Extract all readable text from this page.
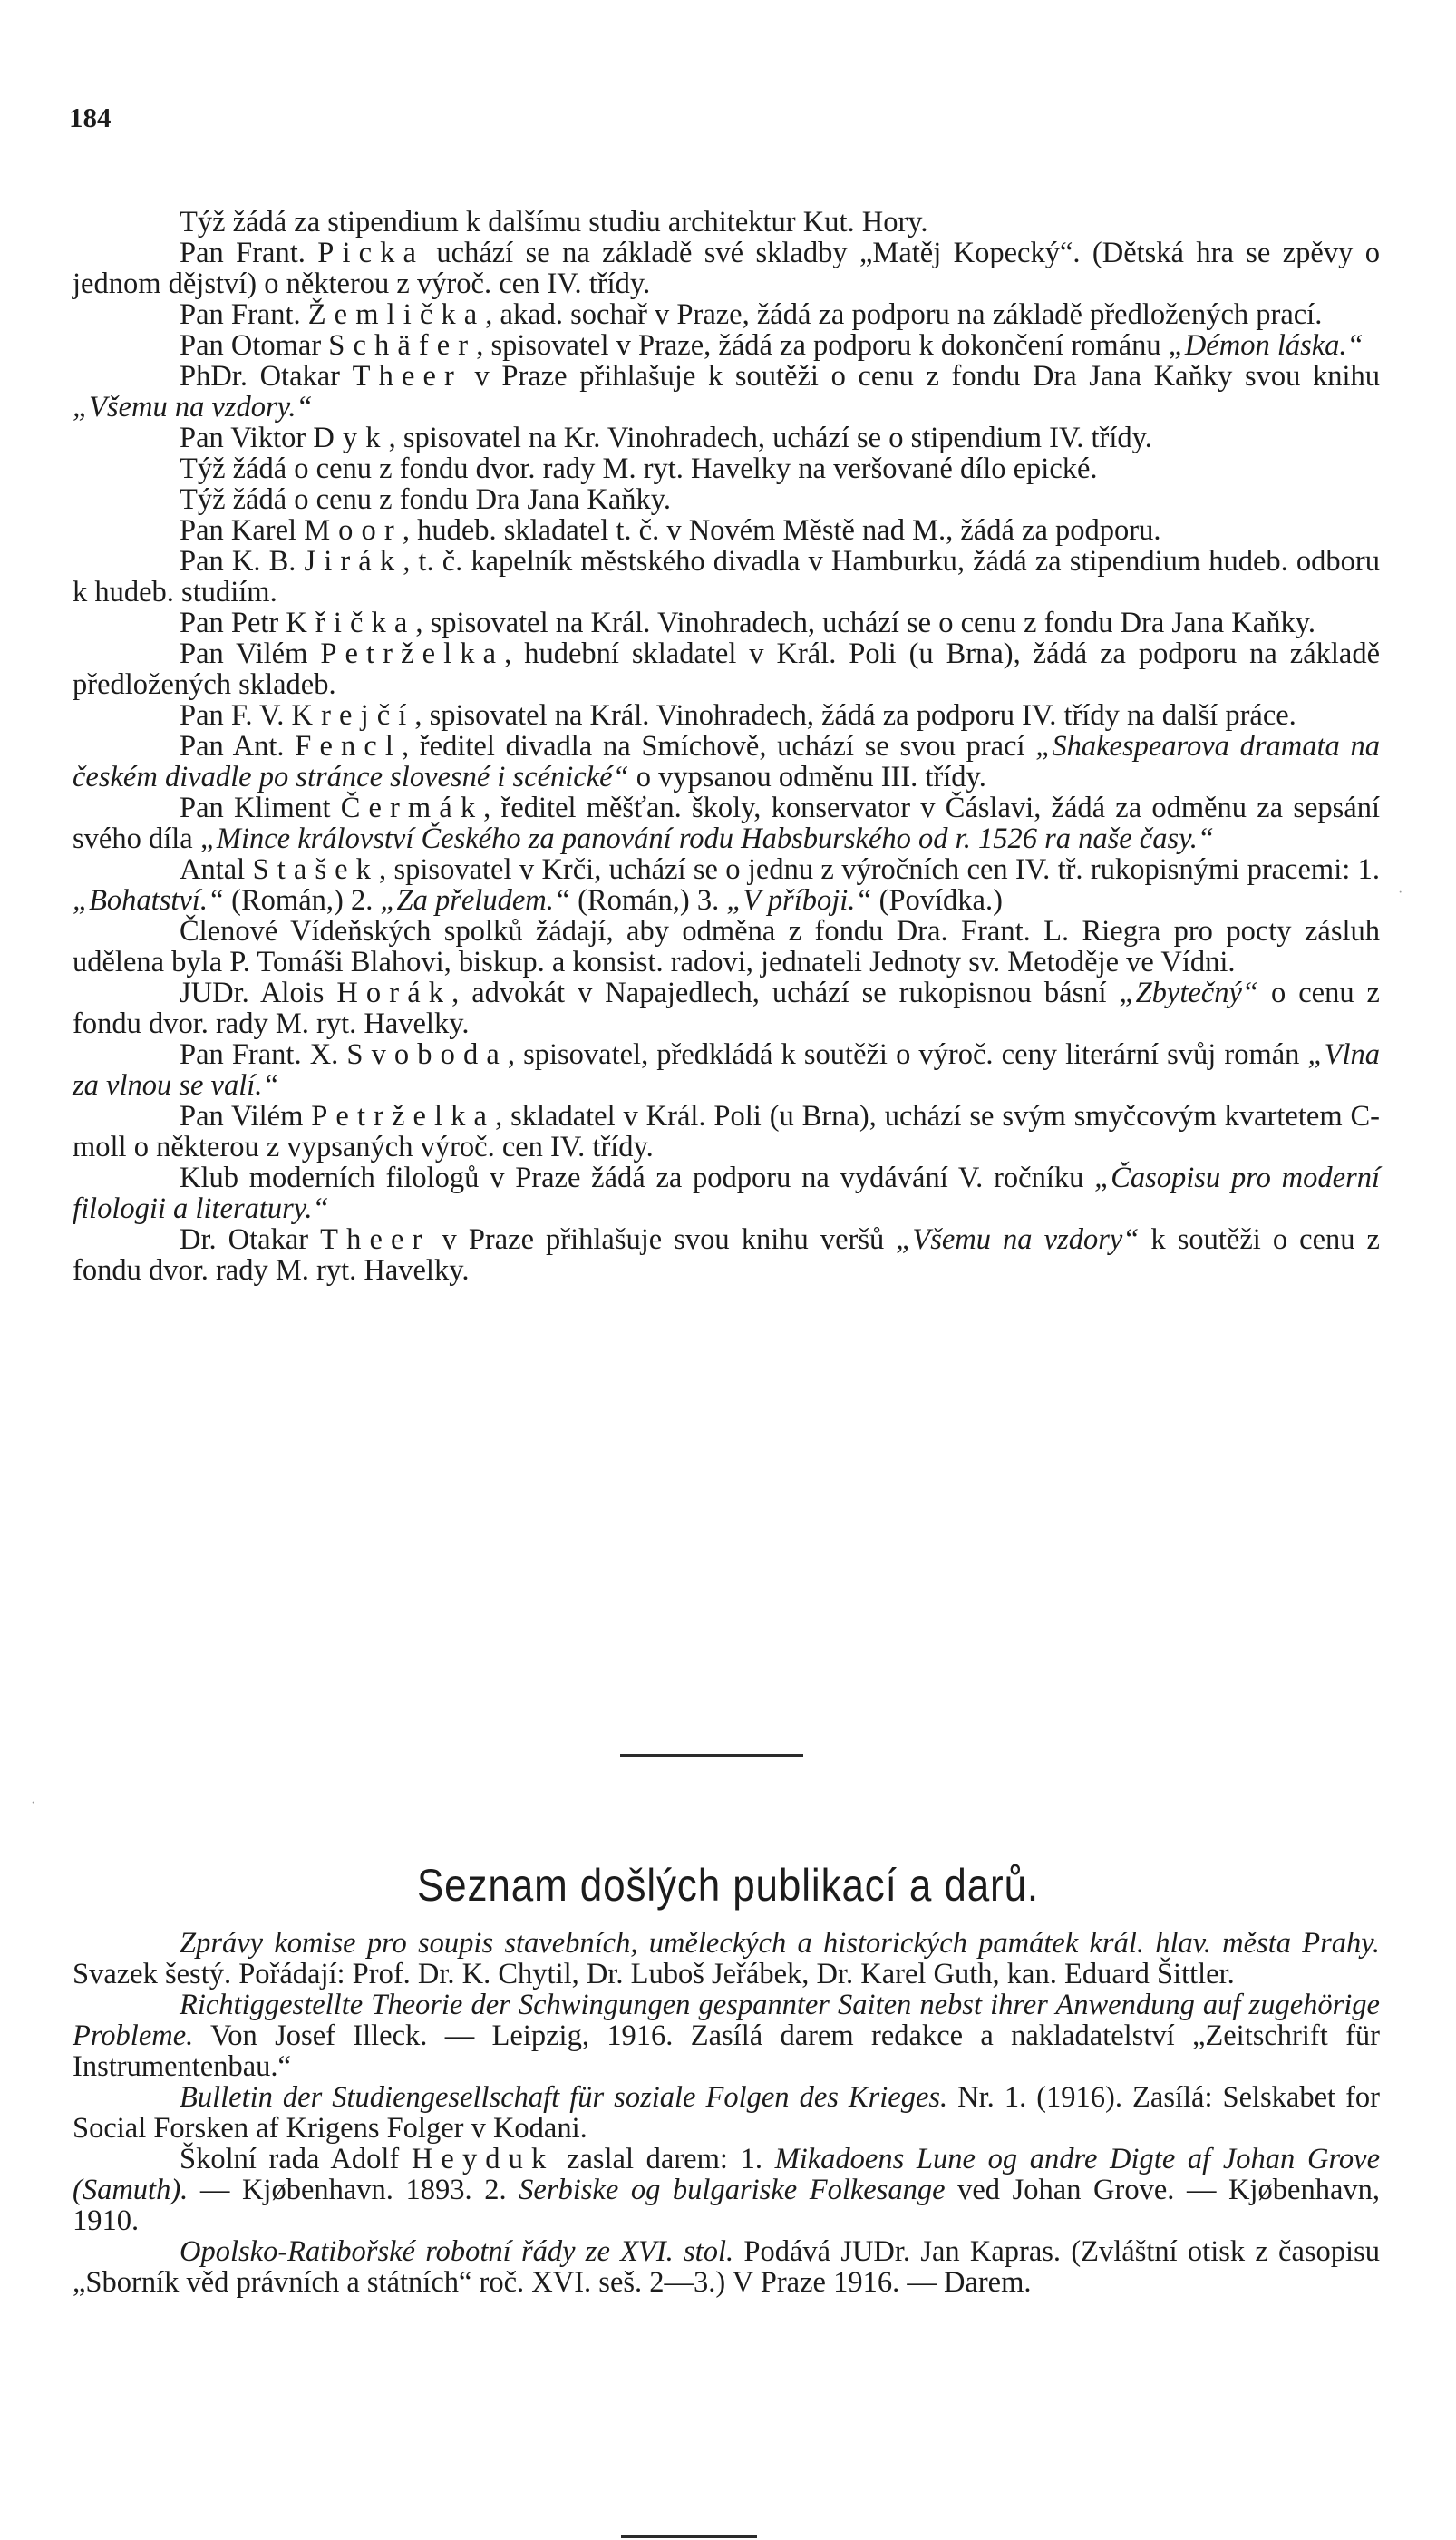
184

Týž žádá za stipendium k dalšímu studiu architektur Kut. Hory.

Pan Frant. Picka uchází se na základě své skladby „Matěj Kopecký“. (Dětská hra se zpěvy o jednom dějství) o některou z výroč. cen IV. třídy.

Pan Frant. Žemlička, akad. sochař v Praze, žádá za podporu na základě předložených prací.

Pan Otomar Schäfer, spisovatel v Praze, žádá za podporu k dokončení románu „Démon láska.“

PhDr. Otakar Theer v Praze přihlašuje k soutěži o cenu z fondu Dra Jana Kaňky svou knihu „Všemu na vzdory.“

Pan Viktor Dyk, spisovatel na Kr. Vinohradech, uchází se o stipendium IV. třídy.

Týž žádá o cenu z fondu dvor. rady M. ryt. Havelky na veršované dílo epické.

Týž žádá o cenu z fondu Dra Jana Kaňky.

Pan Karel Moor, hudeb. skladatel t. č. v Novém Městě nad M., žádá za podporu.

Pan K. B. Jirák, t. č. kapelník městského divadla v Hamburku, žádá za stipendium hudeb. odboru k hudeb. studiím.

Pan Petr Křička, spisovatel na Král. Vinohradech, uchází se o cenu z fondu Dra Jana Kaňky.

Pan Vilém Petrželka, hudební skladatel v Král. Poli (u Brna), žádá za podporu na základě předložených skladeb.

Pan F. V. Krejčí, spisovatel na Král. Vinohradech, žádá za podporu IV. třídy na další práce.

Pan Ant. Fencl, ředitel divadla na Smíchově, uchází se svou prací „Shakespearova dramata na českém divadle po stránce slovesné i scénické“ o vypsanou odměnu III. třídy.

Pan Kliment Čermák, ředitel měšťan. školy, konservator v Čáslavi, žádá za odměnu za sepsání svého díla „Mince království Českého za panování rodu Habsburského od r. 1526 ra naše časy.“

Antal Stašek, spisovatel v Krči, uchází se o jednu z výročních cen IV. tř. rukopisnými pracemi: 1. „Bohatství.“ (Román,) 2. „Za přeludem.“ (Román,) 3. „V příboji.“ (Povídka.)

Členové Vídeňských spolků žádají, aby odměna z fondu Dra. Frant. L. Riegra pro pocty zásluh udělena byla P. Tomáši Blahovi, biskup. a konsist. radovi, jednateli Jednoty sv. Metoděje ve Vídni.

JUDr. Alois Horák, advokát v Napajedlech, uchází se rukopisnou básní „Zbytečný“ o cenu z fondu dvor. rady M. ryt. Havelky.

Pan Frant. X. Svoboda, spisovatel, předkládá k soutěži o výroč. ceny literární svůj román „Vlna za vlnou se valí.“

Pan Vilém Petrželka, skladatel v Král. Poli (u Brna), uchází se svým smyčcovým kvartetem C-moll o některou z vypsaných výroč. cen IV. třídy.

Klub moderních filologů v Praze žádá za podporu na vydávání V. ročníku „Časopisu pro moderní filologii a literatury.“

Dr. Otakar Theer v Praze přihlašuje svou knihu veršů „Všemu na vzdory“ k soutěži o cenu z fondu dvor. rady M. ryt. Havelky.

·
·
Seznam došlých publikací a darů.

Zprávy komise pro soupis stavebních, uměleckých a historických památek král. hlav. města Prahy. Svazek šestý. Pořádají: Prof. Dr. K. Chytil, Dr. Luboš Jeřábek, Dr. Karel Guth, kan. Eduard Šittler.

Richtiggestellte Theorie der Schwingungen gespannter Saiten nebst ihrer Anwendung auf zugehörige Probleme. Von Josef Illeck. — Leipzig, 1916. Zasílá darem redakce a nakladatelství „Zeitschrift für Instrumentenbau.“

Bulletin der Studiengesellschaft für soziale Folgen des Krieges. Nr. 1. (1916). Zasílá: Selskabet for Social Forsken af Krigens Folger v Kodani.

Školní rada Adolf Heyduk zaslal darem: 1. Mikadoens Lune og andre Digte af Johan Grove (Samuth). — Kjøbenhavn. 1893. 2. Serbiske og bulgariske Folkesange ved Johan Grove. — Kjøbenhavn, 1910.

Opolsko-Ratibořské robotní řády ze XVI. stol. Podává JUDr. Jan Kapras. (Zvláštní otisk z časopisu „Sborník věd právních a státních“ roč. XVI. seš. 2—3.) V Praze 1916. — Darem.
